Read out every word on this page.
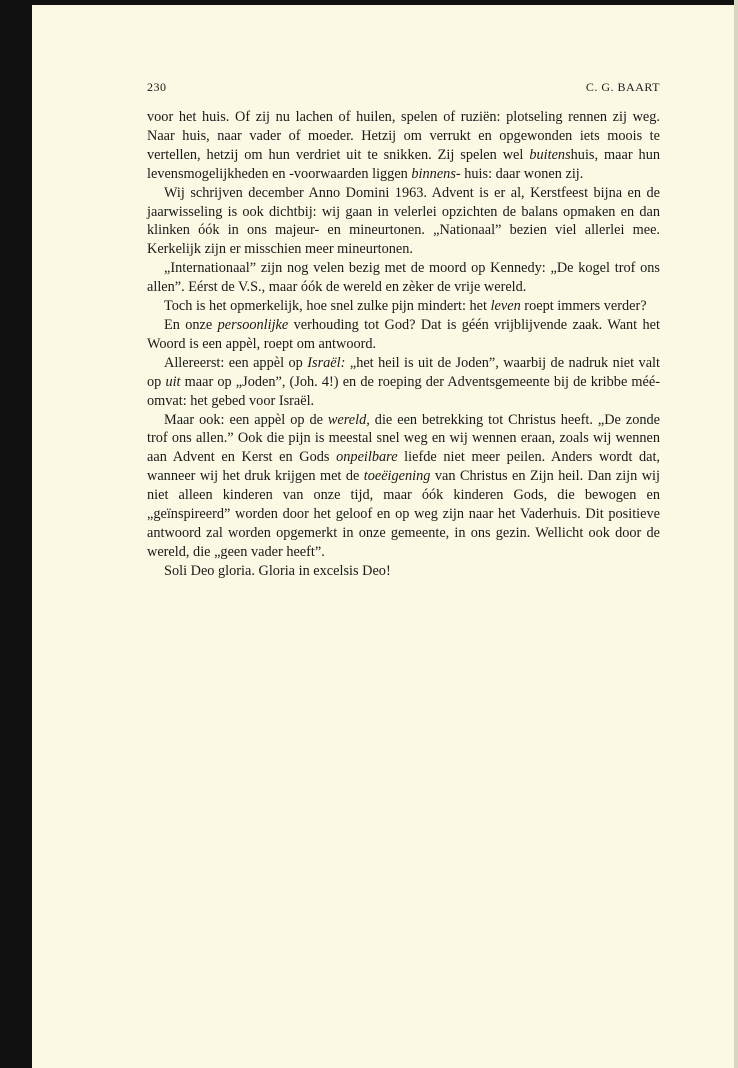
230	C. G. BAART

voor het huis. Of zij nu lachen of huilen, spelen of ruziën: plotseling rennen zij weg. Naar huis, naar vader of moeder. Hetzij om verrukt en opgewonden iets moois te vertellen, hetzij om hun verdriet uit te snikken. Zij spelen wel buitenshuis, maar hun levensmogelijkheden en -voorwaarden liggen binnens- huis: daar wonen zij.

Wij schrijven december Anno Domini 1963. Advent is er al, Kerstfeest bijna en de jaarwisseling is ook dichtbij: wij gaan in velerlei opzichten de balans opmaken en dan klinken óók in ons majeur- en mineurtonen. „Nationaal” bezien viel allerlei mee. Kerkelijk zijn er misschien meer mineurtonen.

„Internationaal” zijn nog velen bezig met de moord op Kennedy: „De kogel trof ons allen”. Eérst de V.S., maar óók de wereld en zèker de vrije wereld.

Toch is het opmerkelijk, hoe snel zulke pijn mindert: het leven roept immers verder?

En onze persoonlijke verhouding tot God? Dat is géén vrijblijvende zaak. Want het Woord is een appèl, roept om antwoord.

Allereerst: een appèl op Israël: „het heil is uit de Joden”, waarbij de nadruk niet valt op uit maar op „Joden”, (Joh. 4!) en de roeping der Adventsgemeente bij de kribbe méé-omvat: het gebed voor Israël.

Maar ook: een appèl op de wereld, die een betrekking tot Christus heeft. „De zonde trof ons allen.” Ook die pijn is meestal snel weg en wij wennen eraan, zoals wij wennen aan Advent en Kerst en Gods onpeilbare liefde niet meer peilen. Anders wordt dat, wanneer wij het druk krijgen met de toeëigening van Christus en Zijn heil. Dan zijn wij niet alleen kinderen van onze tijd, maar óók kinderen Gods, die bewogen en „geïnspireerd” worden door het geloof en op weg zijn naar het Vaderhuis. Dit positieve antwoord zal worden opgemerkt in onze gemeente, in ons gezin. Wellicht ook door de wereld, die „geen vader heeft”.

Soli Deo gloria. Gloria in excelsis Deo!
